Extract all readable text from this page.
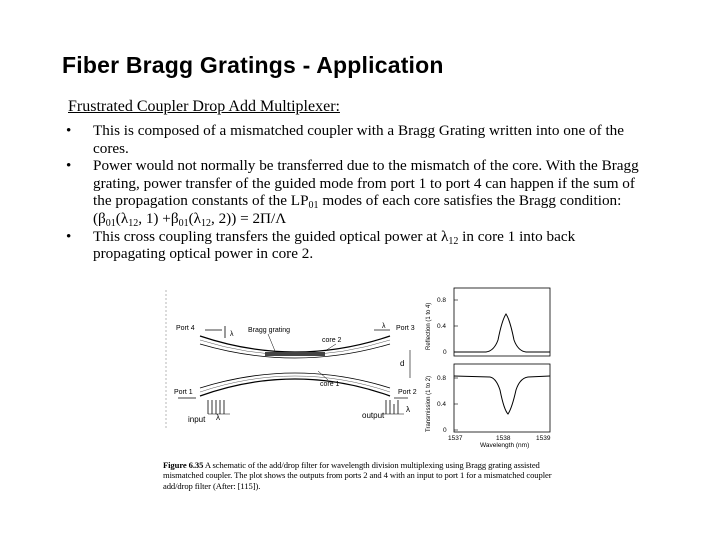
Fiber Bragg Gratings - Application
Frustrated Coupler Drop Add Multiplexer:
• This is composed of a mismatched coupler with a Bragg Grating written into one of the cores.
• Power would not normally be transferred due to the mismatch of the core. With the Bragg grating, power transfer of the guided mode from port 1 to port 4 can happen if the sum of the propagation constants of the $LP_{01}$ modes of each core satisfies the Bragg condition: ($\beta_{01}(\lambda_{12}$, $1) +\beta_{01}(\lambda_{12}$, 2)) = 2Π/Λ
• This cross coupling transfers the guided optical power at $\lambda_{12}$ in core 1 into back propagating optical power in core 2.
Port 4	Port 3
Port 1	Port 2
Bragg grating
core 2
core 1
input	output
λ
λ
λ
λ
d
0.8
0.4
0
Reflection (1 to 4)
0.8
0.4
0
Transmission (1 to 2)
1537	1538	1539
Wavelength (nm)
Figure 6.35 A schematic of the add/drop filter for wavelength division multiplexing using Bragg grating assisted mismatched coupler. The plot shows the outputs from ports 2 and 4 with an input to port 1 for a mismatched coupler add/drop filter (After: [115]).
